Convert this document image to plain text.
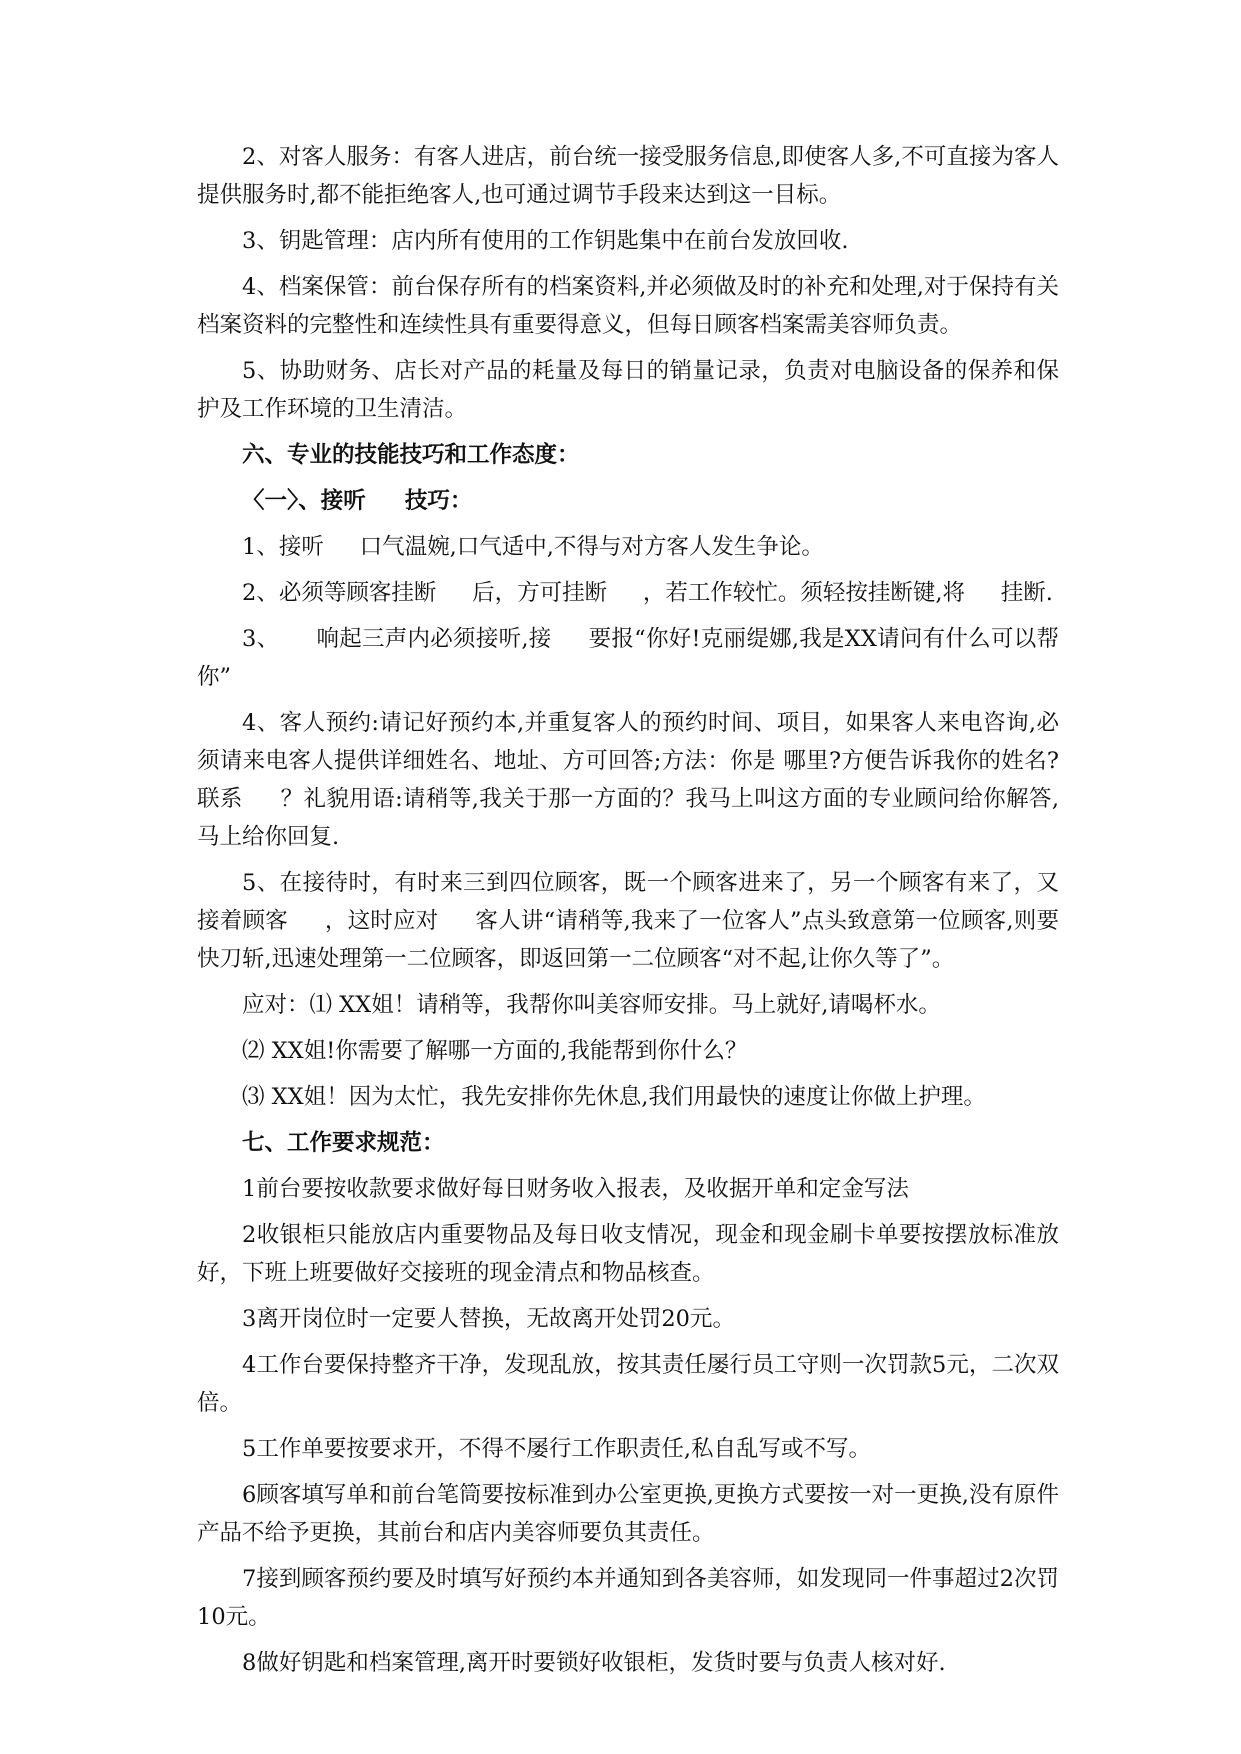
2、对客人服务：有客人进店，前台统一接受服务信息,即使客人多,不可直接为客人提供服务时,都不能拒绝客人,也可通过调节手段来达到这一目标。

3、钥匙管理：店内所有使用的工作钥匙集中在前台发放回收.

4、档案保管：前台保存所有的档案资料,并必须做及时的补充和处理,对于保持有关档案资料的完整性和连续性具有重要得意义，但每日顾客档案需美容师负责。

5、协助财务、店长对产品的耗量及每日的销量记录，负责对电脑设备的保养和保护及工作环境的卫生清洁。

六、专业的技能技巧和工作态度：

〈一〉、接听     技巧：

1、接听     口气温婉,口气适中,不得与对方客人发生争论。

2、必须等顾客挂断     后，方可挂断     ，若工作较忙。须轻按挂断键,将     挂断.

3、     响起三声内必须接听,接     要报“你好!克丽缇娜,我是XX请问有什么可以帮你”

4、客人预约:请记好预约本,并重复客人的预约时间、项目，如果客人来电咨询,必须请来电客人提供详细姓名、地址、方可回答;方法：你是 哪里?方便告诉我你的姓名?联系     ？礼貌用语:请稍等,我关于那一方面的？我马上叫这方面的专业顾问给你解答,马上给你回复.

5、在接待时，有时来三到四位顾客，既一个顾客进来了，另一个顾客有来了，又接着顾客     ，这时应对     客人讲“请稍等,我来了一位客人”点头致意第一位顾客,则要快刀斩,迅速处理第一二位顾客，即返回第一二位顾客“对不起,让你久等了”。

应对：⑴ XX姐！请稍等，我帮你叫美容师安排。马上就好,请喝杯水。

⑵ XX姐!你需要了解哪一方面的,我能帮到你什么？

⑶ XX姐！因为太忙，我先安排你先休息,我们用最快的速度让你做上护理。

七、工作要求规范：

1前台要按收款要求做好每日财务收入报表，及收据开单和定金写法

2收银柜只能放店内重要物品及每日收支情况，现金和现金刷卡单要按摆放标准放好，下班上班要做好交接班的现金清点和物品核查。

3离开岗位时一定要人替换，无故离开处罚20元。

4工作台要保持整齐干净，发现乱放，按其责任屡行员工守则一次罚款5元，二次双倍。

5工作单要按要求开，不得不屡行工作职责任,私自乱写或不写。

6顾客填写单和前台笔筒要按标准到办公室更换,更换方式要按一对一更换,没有原件产品不给予更换，其前台和店内美容师要负其责任。

7接到顾客预约要及时填写好预约本并通知到各美容师，如发现同一件事超过2次罚10元。

8做好钥匙和档案管理,离开时要锁好收银柜，发货时要与负责人核对好.
